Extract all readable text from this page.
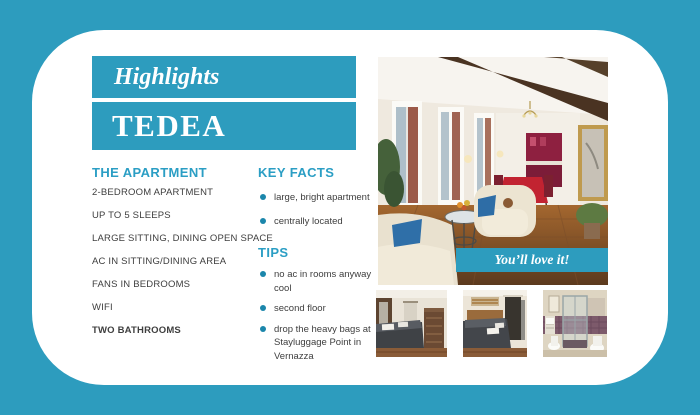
Highlights
TEDEA
THE APARTMENT
2-BEDROOM APARTMENT
UP TO 5 SLEEPS
LARGE SITTING, DINING OPEN SPACE
AC IN SITTING/DINING AREA
FANS IN BEDROOMS
WIFI
TWO BATHROOMS
KEY FACTS
large, bright apartment
centrally located
TIPS
no ac in rooms anyway cool
second floor
drop the heavy bags at Stayluggage Point in Vernazza
You’ll love it!
